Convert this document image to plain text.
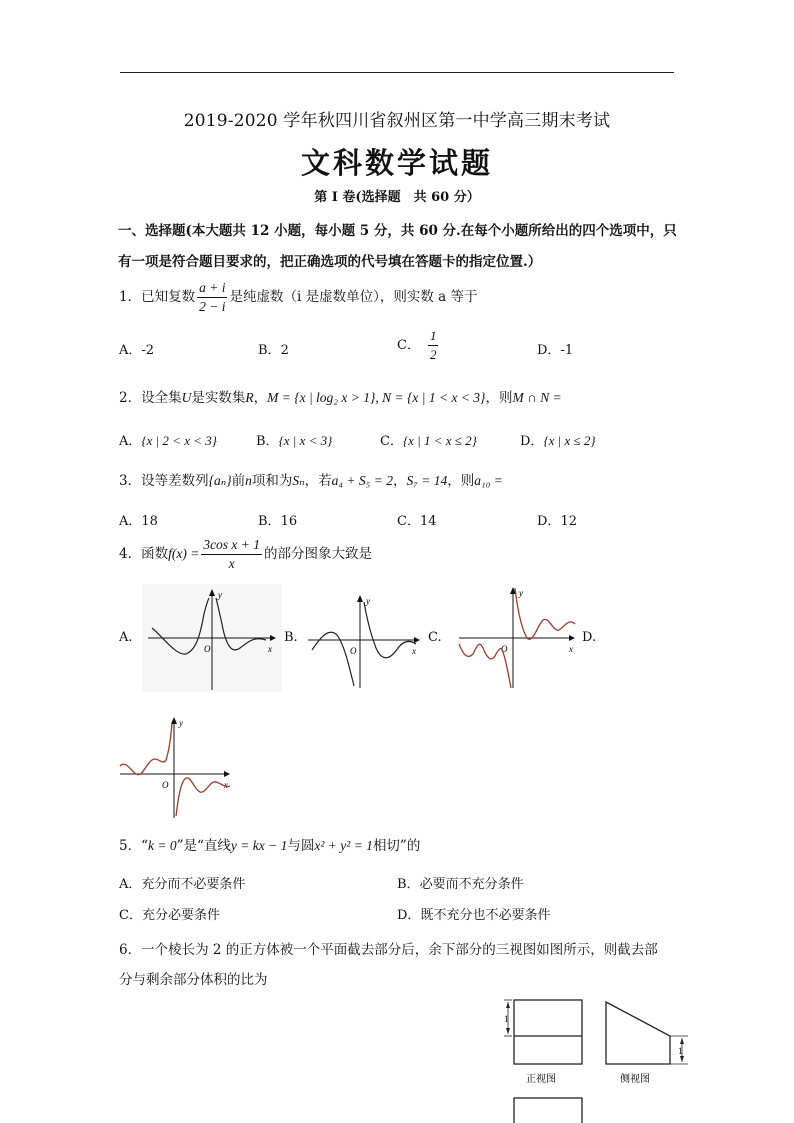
2019-2020 学年秋四川省叙州区第一中学高三期末考试
文科数学试题
第 I 卷(选择题　共 60 分）
一、选择题(本大题共 12 小题，每小题 5 分，共 60 分.在每个小题所给出的四个选项中，只
有一项是符合题目要求的，把正确选项的代号填在答题卡的指定位置.）
1．已知复数 $\frac{a + i}{2 - i}$ 是纯虚数（i 是虚数单位），则实数 a 等于
A．-2	B．2	C． $\frac{1}{2}$	D．-1
2．设全集U是实数集R，M = {x | log₂ x > 1}, N = {x | 1 < x < 3}，则M ∩ N =
A．{x | 2 < x < 3}	B．{x | x < 3}	C．{x | 1 < x ≤ 2}	D．{x | x ≤ 2}
3．设等差数列{aₙ}前n项和为Sₙ，若a₄ + S₅ = 2，S₇ = 14，则a₁₀ =
A．18	B．16	C．14	D．12
4．函数$f(x) = \frac{\text{3cos x + 1}}{x}$ 的部分图象大致是
A.	B.	C.	D.
y
x
O
y
x
O
y
x
O
y
x
O
5．“k = 0”是“直线y = kx − 1与圆x² + y² = 1相切”的
A．充分而不必要条件	B．必要而不充分条件
C．充分必要条件	D．既不充分也不必要条件
6．一个棱长为 2 的正方体被一个平面截去部分后，余下部分的三视图如图所示，则截去部
分与剩余部分体积的比为
1
正视图
1
侧视图
